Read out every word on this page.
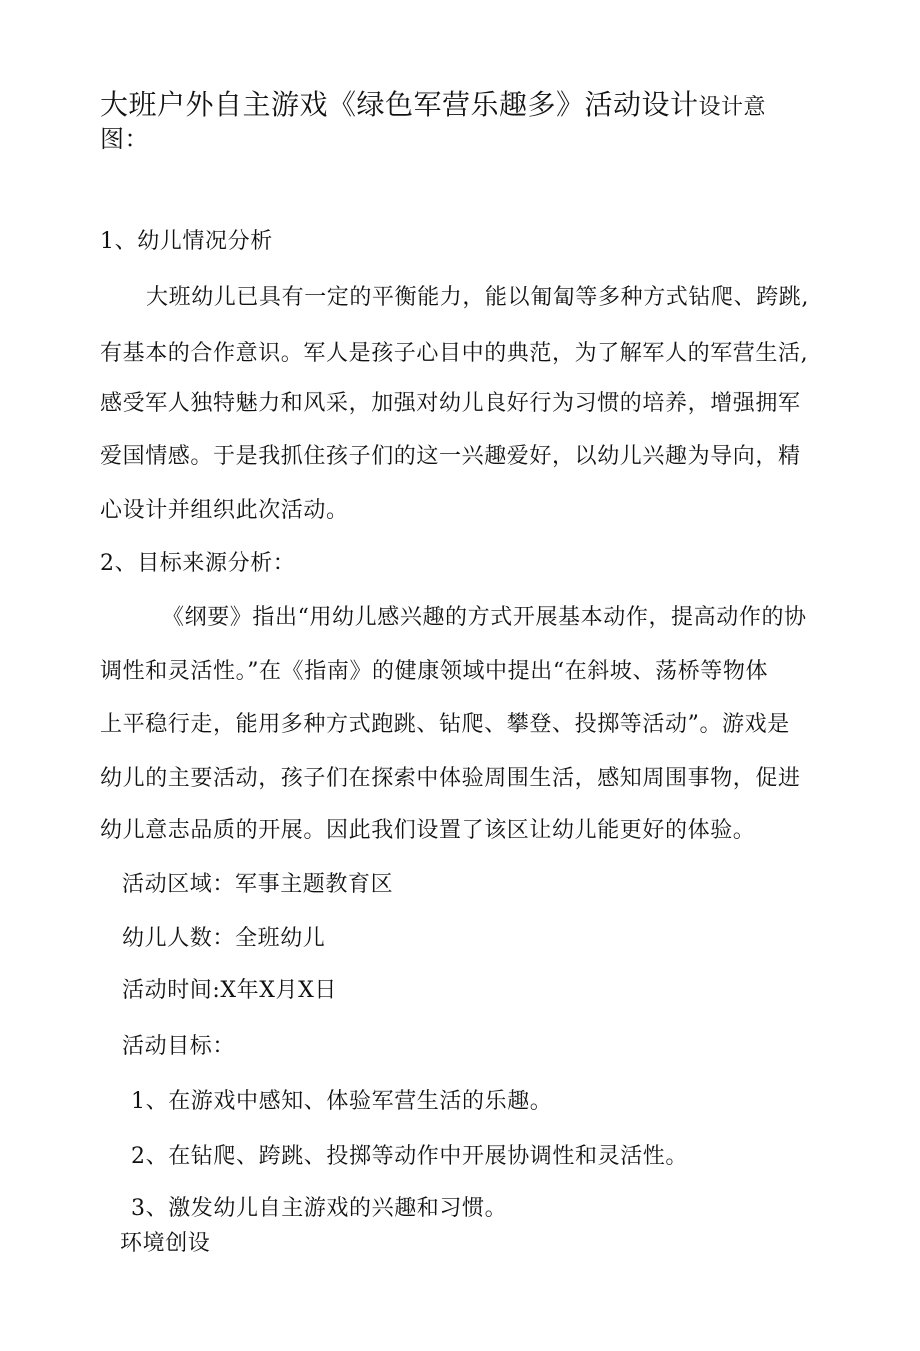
大班户外自主游戏《绿色军营乐趣多》活动设计设计意
图：
1、幼儿情况分析
大班幼儿已具有一定的平衡能力，能以匍匐等多种方式钻爬、跨跳,
有基本的合作意识。军人是孩子心目中的典范，为了解军人的军营生活,
感受军人独特魅力和风采，加强对幼儿良好行为习惯的培养，增强拥军
爱国情感。于是我抓住孩子们的这一兴趣爱好，以幼儿兴趣为导向，精
心设计并组织此次活动。
2、目标来源分析：
《纲要》指出“用幼儿感兴趣的方式开展基本动作，提高动作的协
调性和灵活性。”在《指南》的健康领域中提出“在斜坡、荡桥等物体
上平稳行走，能用多种方式跑跳、钻爬、攀登、投掷等活动”。游戏是
幼儿的主要活动，孩子们在探索中体验周围生活，感知周围事物，促进
幼儿意志品质的开展。因此我们设置了该区让幼儿能更好的体验。
活动区域：军事主题教育区
幼儿人数：全班幼儿
活动时间:X年X月X日
活动目标：
1、在游戏中感知、体验军营生活的乐趣。
2、在钻爬、跨跳、投掷等动作中开展协调性和灵活性。
3、激发幼儿自主游戏的兴趣和习惯。
环境创设
